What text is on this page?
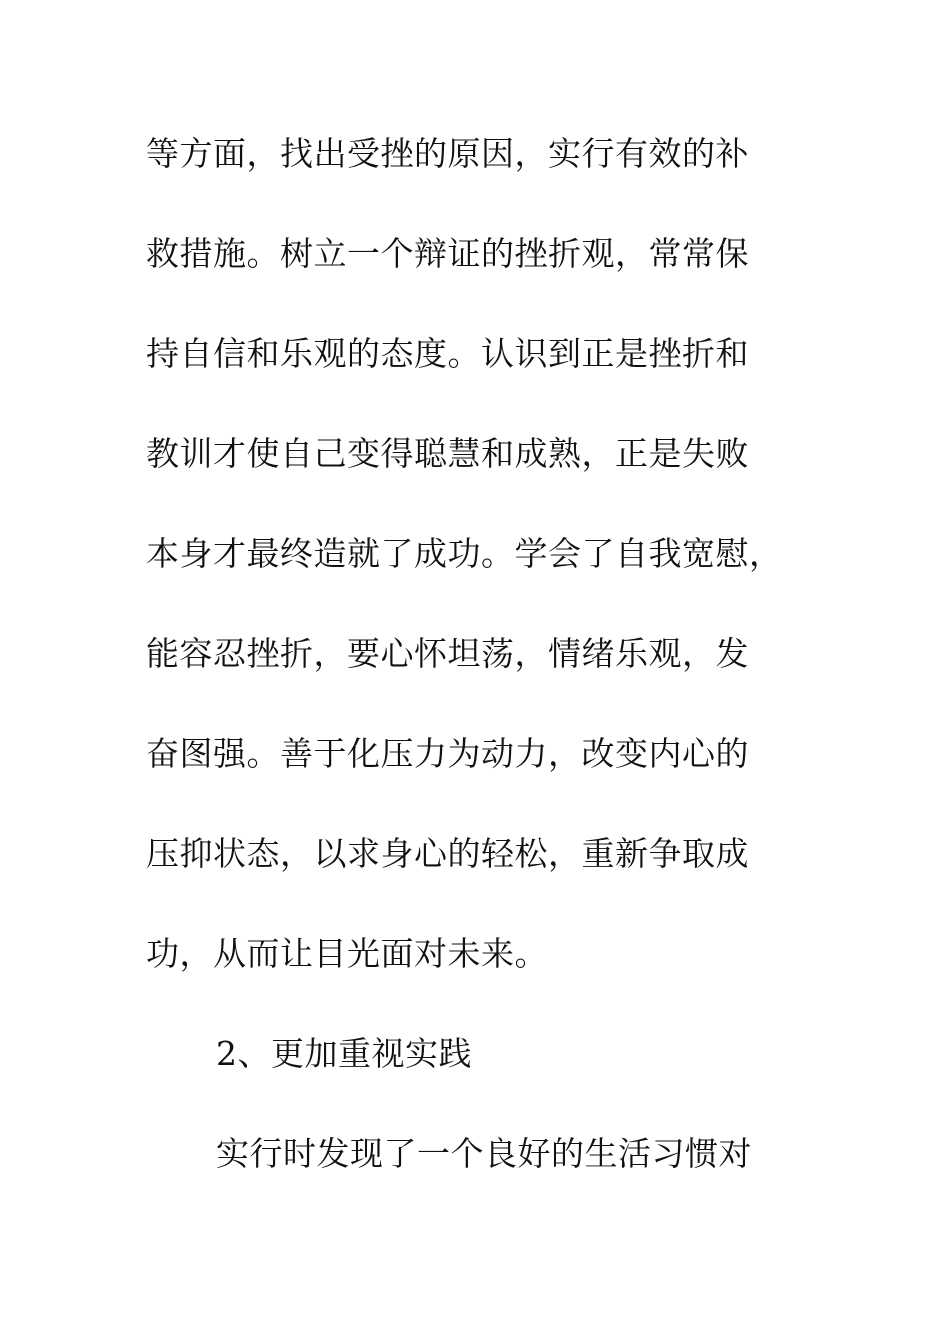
等方面，找出受挫的原因，实行有效的补
救措施。树立一个辩证的挫折观，常常保
持自信和乐观的态度。认识到正是挫折和
教训才使自己变得聪慧和成熟，正是失败
本身才最终造就了成功。学会了自我宽慰，
能容忍挫折，要心怀坦荡，情绪乐观，发
奋图强。善于化压力为动力，改变内心的
压抑状态，以求身心的轻松，重新争取成
功，从而让目光面对未来。
2、更加重视实践
实行时发现了一个良好的生活习惯对
